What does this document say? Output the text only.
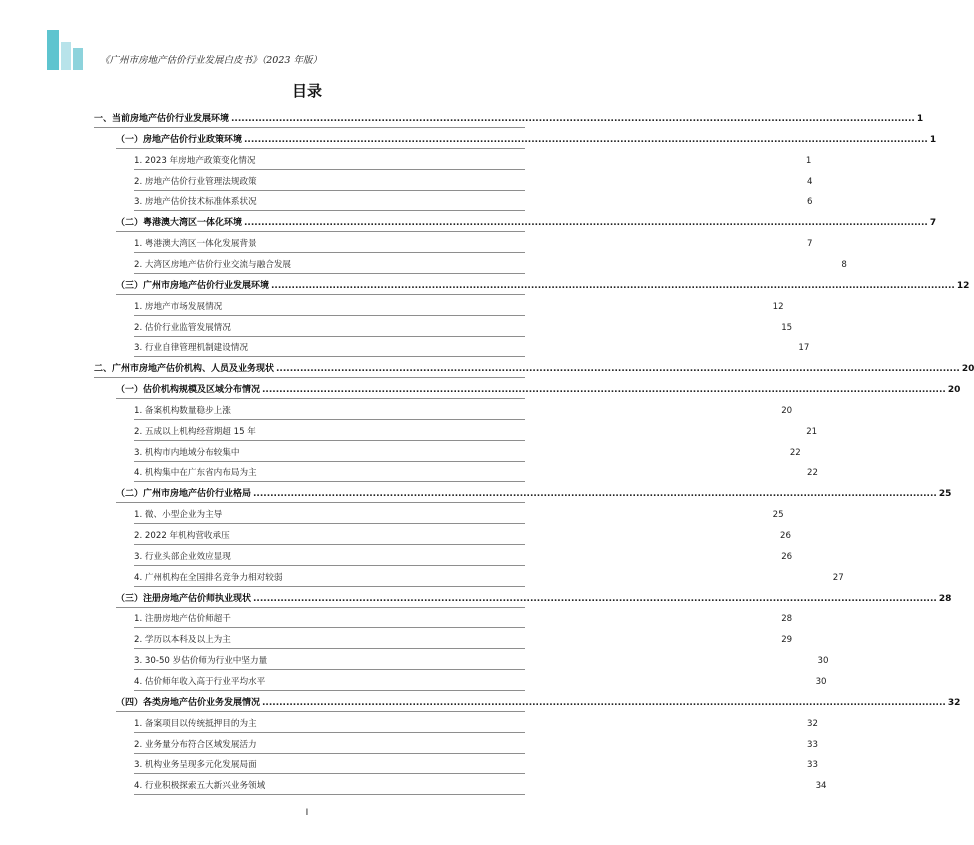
《广州市房地产估价行业发展白皮书》（2023 年版）
目录
一、当前房地产估价行业发展环境 ........................................................................................................................................................................................................ 1
（一）房地产估价行业政策环境 ........................................................................................................................................................................................................ 1
1. 2023 年房地产政策变化情况	1
2. 房地产估价行业管理法规政策	4
3. 房地产估价技术标准体系状况	6
（二）粤港澳大湾区一体化环境 ........................................................................................................................................................................................................ 7
1. 粤港澳大湾区一体化发展背景	7
2. 大湾区房地产估价行业交流与融合发展	8
（三）广州市房地产估价行业发展环境 ........................................................................................................................................................................................................ 12
1. 房地产市场发展情况	12
2. 估价行业监管发展情况	15
3. 行业自律管理机制建设情况	17
二、广州市房地产估价机构、人员及业务现状 ........................................................................................................................................................................................................ 20
（一）估价机构规模及区域分布情况 ........................................................................................................................................................................................................ 20
1. 备案机构数量稳步上涨	20
2. 五成以上机构经营期超 15 年	21
3. 机构市内地域分布较集中	22
4. 机构集中在广东省内布局为主	22
（二）广州市房地产估价行业格局 ........................................................................................................................................................................................................ 25
1. 微、小型企业为主导	25
2. 2022 年机构营收承压	26
3. 行业头部企业效应显现	26
4. 广州机构在全国排名竞争力相对较弱	27
（三）注册房地产估价师执业现状 ........................................................................................................................................................................................................ 28
1. 注册房地产估价师超千	28
2. 学历以本科及以上为主	29
3. 30-50 岁估价师为行业中坚力量	30
4. 估价师年收入高于行业平均水平	30
（四）各类房地产估价业务发展情况 ........................................................................................................................................................................................................ 32
1. 备案项目以传统抵押目的为主	32
2. 业务量分布符合区域发展活力	33
3. 机构业务呈现多元化发展局面	33
4. 行业积极探索五大新兴业务领域	34
I
